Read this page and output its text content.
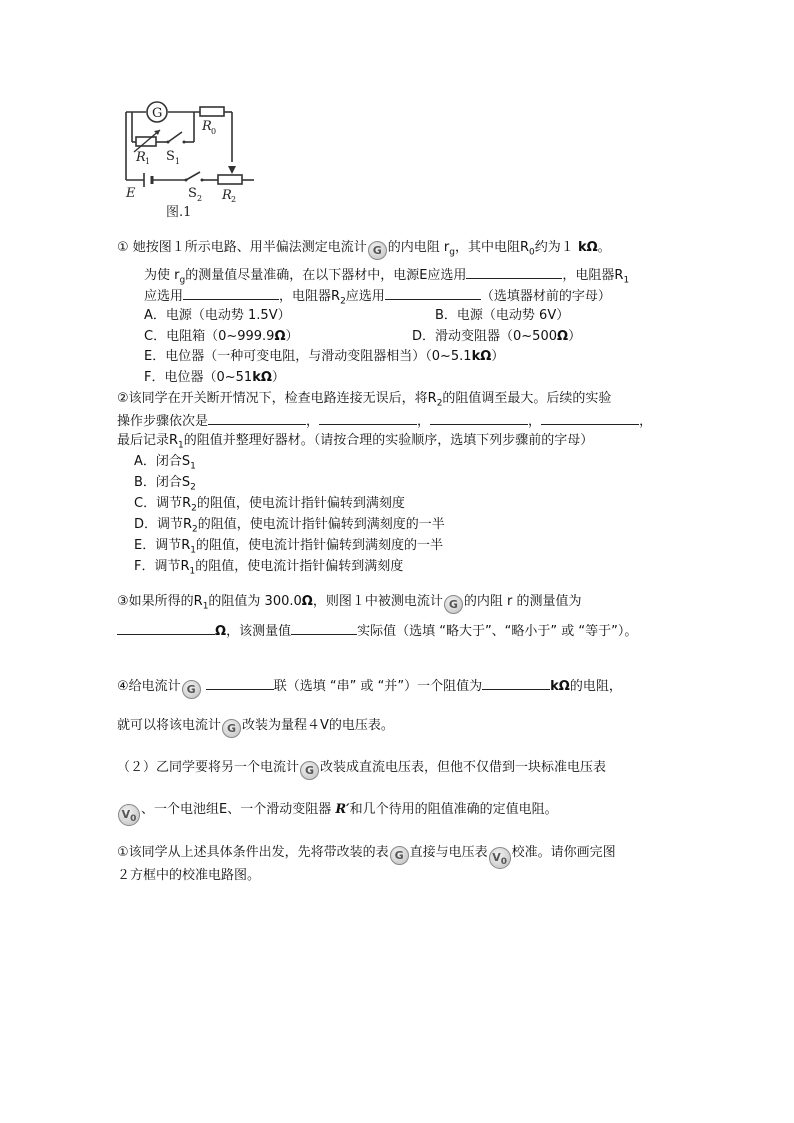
G
R 0
R 1 S 1
E	S 2 R 2
图.1
① 她按图１所示电路、用半偏法测定电流计 G 的内电阻 $r_g$，其中电阻$R_0$约为１ kΩ。
为使 $r_g$的测量值尽量准确，在以下器材中，电源E应选用	，电阻器$R_1$
应选用	，电阻器$R_2$应选用	（选填器材前的字母）
A．电源（电动势 1.5V）	B．电源（电动势 6V）
C．电阻箱（0~999.9Ω）	D．滑动变阻器（0~500Ω）
E．电位器（一种可变电阻，与滑动变阻器相当）（0~5.1kΩ）
F．电位器（0~51kΩ）
②该同学在开关断开情况下，检查电路连接无误后，将$R_2$的阻值调至最大。后续的实验
操作步骤依次是	，	，	，	，
最后记录$R_1$的阻值并整理好器材。（请按合理的实验顺序，选填下列步骤前的字母）
A．闭合$S_1$
B．闭合$S_2$
C．调节$R_2$的阻值，使电流计指针偏转到满刻度
D．调节$R_2$的阻值，使电流计指针偏转到满刻度的一半
E．调节$R_1$的阻值，使电流计指针偏转到满刻度的一半
F．调节$R_1$的阻值，使电流计指针偏转到满刻度
③如果所得的$R_1$的阻值为 300.0Ω，则图１中被测电流计 G 的内阻 r 的测量值为
Ω，该测量值	实际值（选填 “略大于”、“略小于” 或 “等于”）。
④给电流计 G	联（选填 “串” 或 “并”）一个阻值为	kΩ的电阻，
就可以将该电流计 G 改装为量程４V的电压表。
（２）乙同学要将另一个电流计 G 改装成直流电压表，但他不仅借到一块标准电压表
$V_0$、一个电池组E、一个滑动变阻器 R′和几个待用的阻值准确的定值电阻。
①该同学从上述具体条件出发，先将带改装的表 G 直接与电压表 $V_0$校准。请你画完图
２方框中的校准电路图。
